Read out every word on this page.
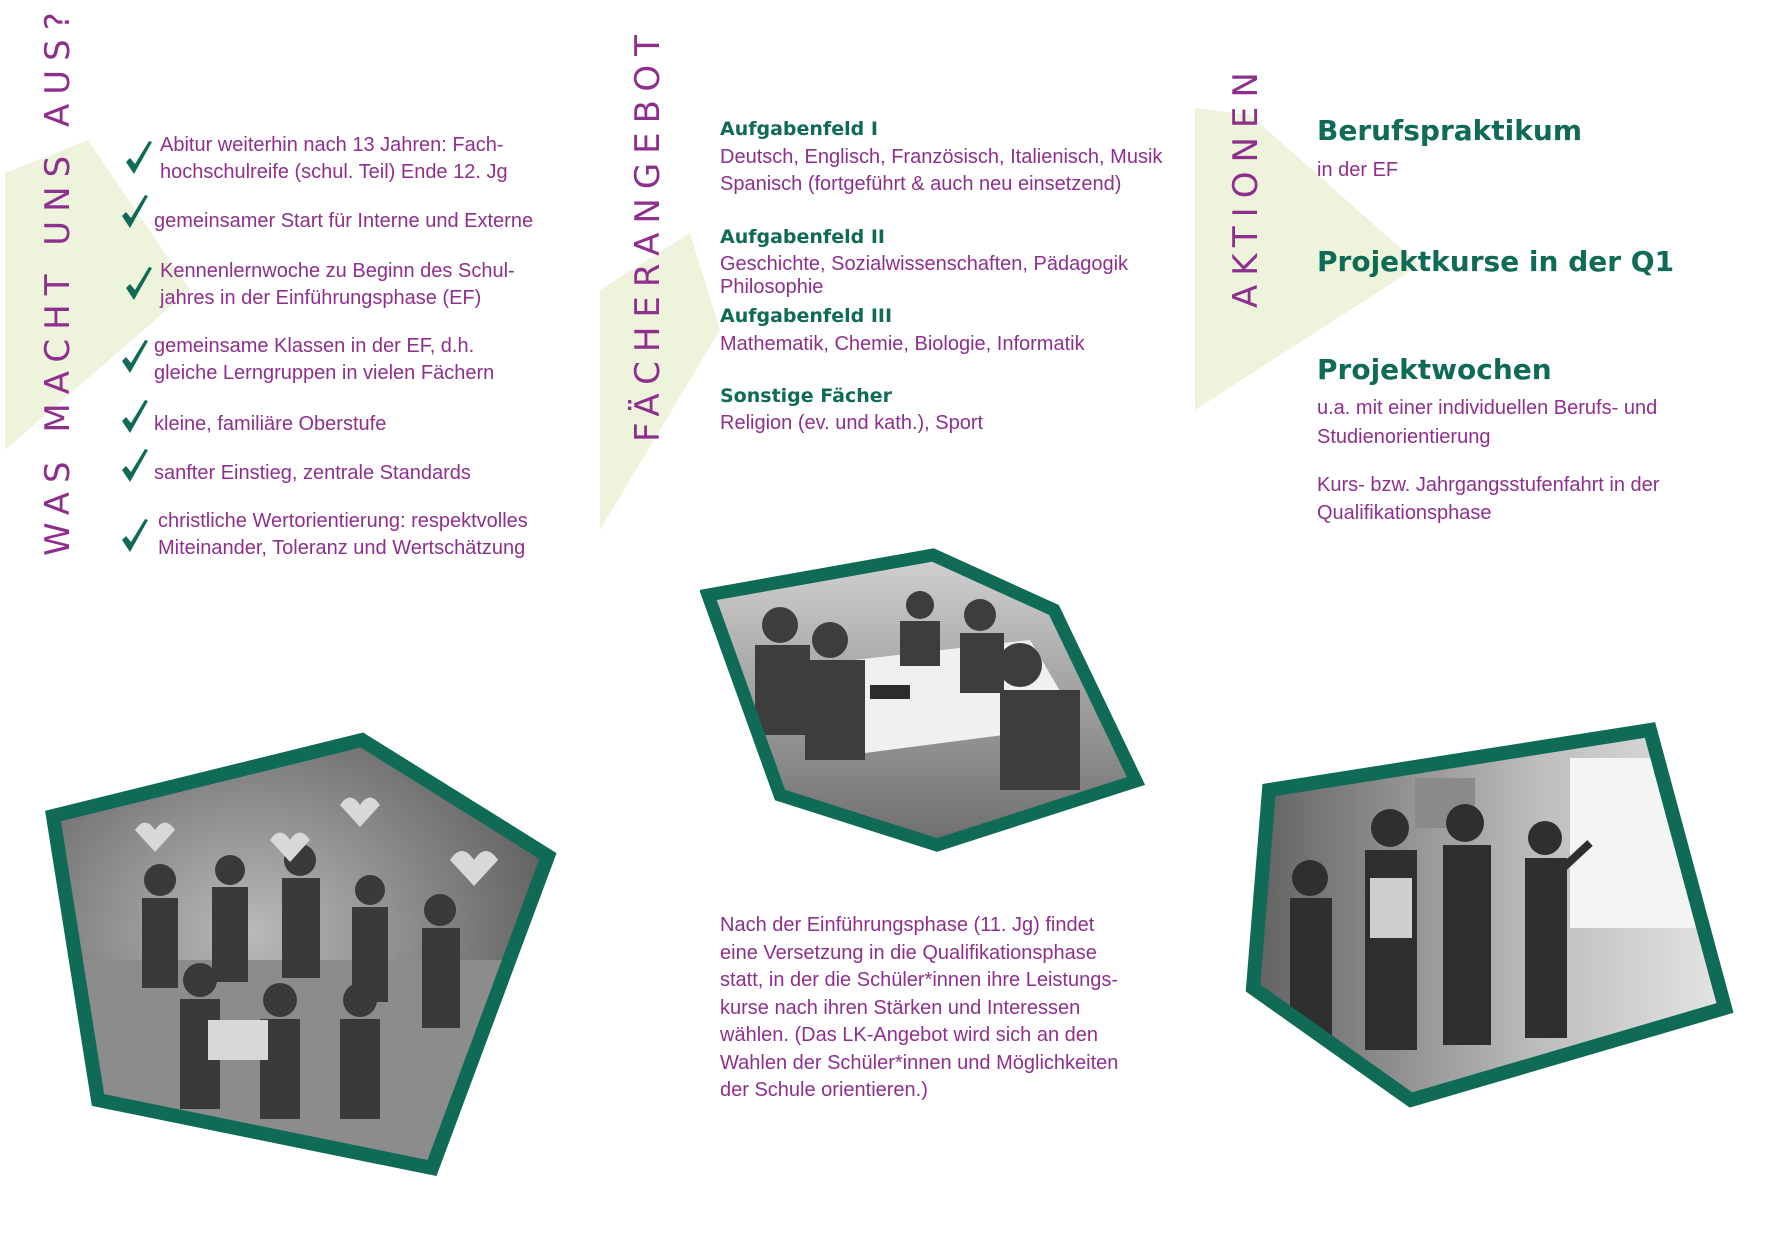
WAS MACHT UNS AUS?	Abitur weiterhin nach 13 Jahren: Fach-
hochschulreife (schul. Teil) Ende 12. Jg
gemeinsamer Start für Interne und Externe
Kennenlernwoche zu Beginn des Schul-
jahres in der Einführungsphase (EF)
gemeinsame Klassen in der EF, d.h.
gleiche Lerngruppen in vielen Fächern
kleine, familiäre Oberstufe
sanfter Einstieg, zentrale Standards
christliche Wertorientierung: respektvolles
Miteinander, Toleranz und Wertschätzung
FÄCHERANGEBOT	Aufgabenfeld I
Deutsch, Englisch, Französisch, Italienisch, Musik
Spanisch (fortgeführt & auch neu einsetzend)
Aufgabenfeld II
Geschichte, Sozialwissenschaften, Pädagogik
Philosophie
Aufgabenfeld III
Mathematik, Chemie, Biologie, Informatik
Sonstige Fächer
Religion (ev. und kath.), Sport
Nach der Einführungsphase (11. Jg) findet
eine Versetzung in die Qualifikationsphase
statt, in der die Schüler*innen ihre Leistungs-
kurse nach ihren Stärken und Interessen
wählen. (Das LK-Angebot wird sich an den
Wahlen der Schüler*innen und Möglichkeiten
der Schule orientieren.)
AKTIONEN Berufspraktikum
in der EF
Projektkurse in der Q1
Projektwochen
u.a. mit einer individuellen Berufs- und
Studienorientierung
Kurs- bzw. Jahrgangsstufenfahrt in der
Qualifikationsphase
